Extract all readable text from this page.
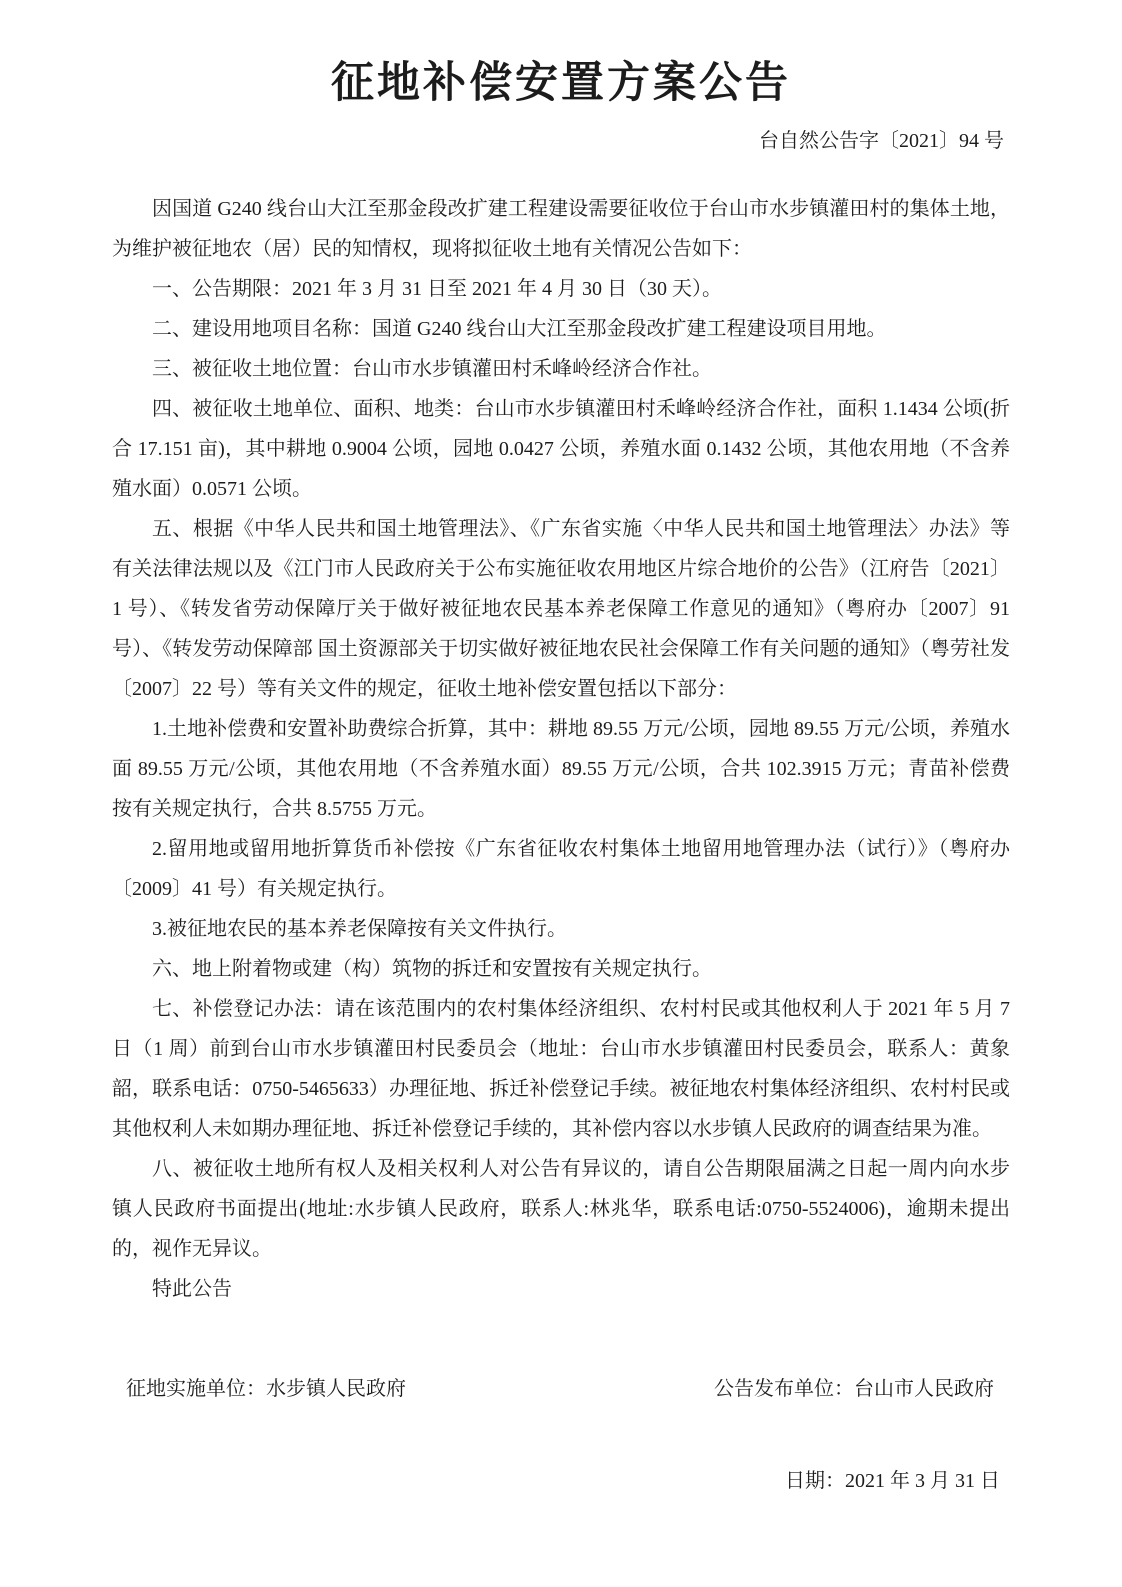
征地补偿安置方案公告
台自然公告字〔2021〕94 号

因国道 G240 线台山大江至那金段改扩建工程建设需要征收位于台山市水步镇灌田村的集体土地，为维护被征地农（居）民的知情权，现将拟征收土地有关情况公告如下：

一、公告期限：2021 年 3 月 31 日至 2021 年 4 月 30 日（30 天）。

二、建设用地项目名称：国道 G240 线台山大江至那金段改扩建工程建设项目用地。

三、被征收土地位置：台山市水步镇灌田村禾峰岭经济合作社。

四、被征收土地单位、面积、地类：台山市水步镇灌田村禾峰岭经济合作社，面积 1.1434 公顷(折合 17.151 亩)，其中耕地 0.9004 公顷，园地 0.0427 公顷，养殖水面 0.1432 公顷，其他农用地（不含养殖水面）0.0571 公顷。

五、根据《中华人民共和国土地管理法》、《广东省实施〈中华人民共和国土地管理法〉办法》等有关法律法规以及《江门市人民政府关于公布实施征收农用地区片综合地价的公告》（江府告〔2021〕1 号）、《转发省劳动保障厅关于做好被征地农民基本养老保障工作意见的通知》（粤府办〔2007〕91 号）、《转发劳动保障部 国土资源部关于切实做好被征地农民社会保障工作有关问题的通知》（粤劳社发〔2007〕22 号）等有关文件的规定，征收土地补偿安置包括以下部分：

1.土地补偿费和安置补助费综合折算，其中：耕地 89.55 万元/公顷，园地 89.55 万元/公顷，养殖水面 89.55 万元/公顷，其他农用地（不含养殖水面）89.55 万元/公顷，合共 102.3915 万元；青苗补偿费按有关规定执行，合共 8.5755 万元。

2.留用地或留用地折算货币补偿按《广东省征收农村集体土地留用地管理办法（试行）》（粤府办〔2009〕41 号）有关规定执行。

3.被征地农民的基本养老保障按有关文件执行。

六、地上附着物或建（构）筑物的拆迁和安置按有关规定执行。

七、补偿登记办法：请在该范围内的农村集体经济组织、农村村民或其他权利人于 2021 年 5 月 7 日（1 周）前到台山市水步镇灌田村民委员会（地址：台山市水步镇灌田村民委员会，联系人：黄象韶，联系电话：0750-5465633）办理征地、拆迁补偿登记手续。被征地农村集体经济组织、农村村民或其他权利人未如期办理征地、拆迁补偿登记手续的，其补偿内容以水步镇人民政府的调查结果为准。

八、被征收土地所有权人及相关权利人对公告有异议的，请自公告期限届满之日起一周内向水步镇人民政府书面提出(地址:水步镇人民政府，联系人:林兆华，联系电话:0750-5524006)，逾期未提出的，视作无异议。

特此公告

征地实施单位：水步镇人民政府	公告发布单位：台山市人民政府
日期：2021 年 3 月 31 日
